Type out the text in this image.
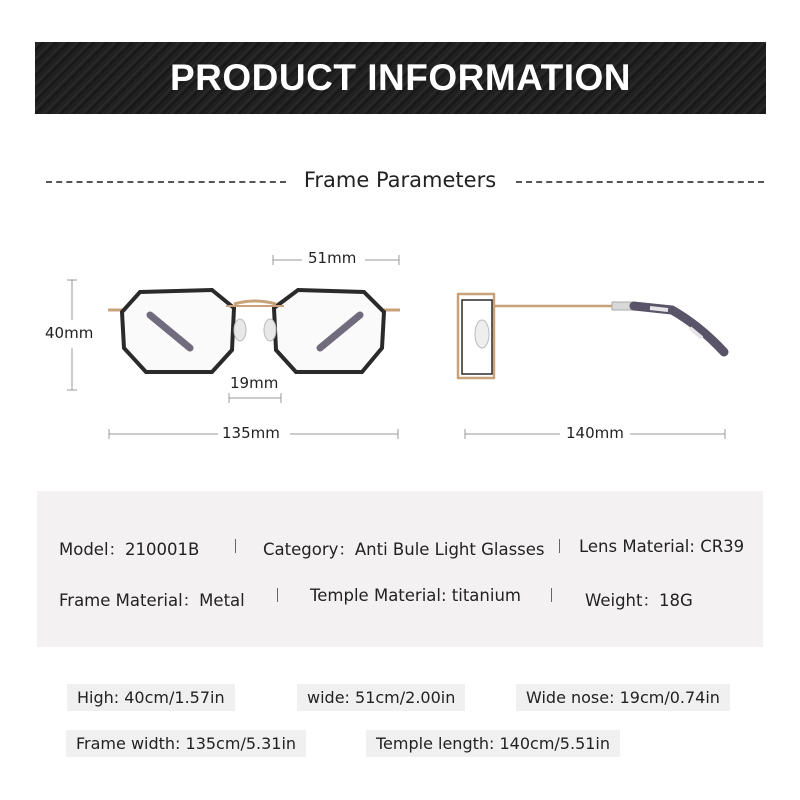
PRODUCT INFORMATION
Frame Parameters
51mm
40mm
19mm
135mm	140mm
Model：210001B	Category：Anti Bule Light Glasses Lens Material: CR39
Frame Material：Metal	Temple Material: titanium	Weight：18G
High: 40cm/1.57in	wide: 51cm/2.00in	Wide nose: 19cm/0.74in
Frame width: 135cm/5.31in	Temple length: 140cm/5.51in
